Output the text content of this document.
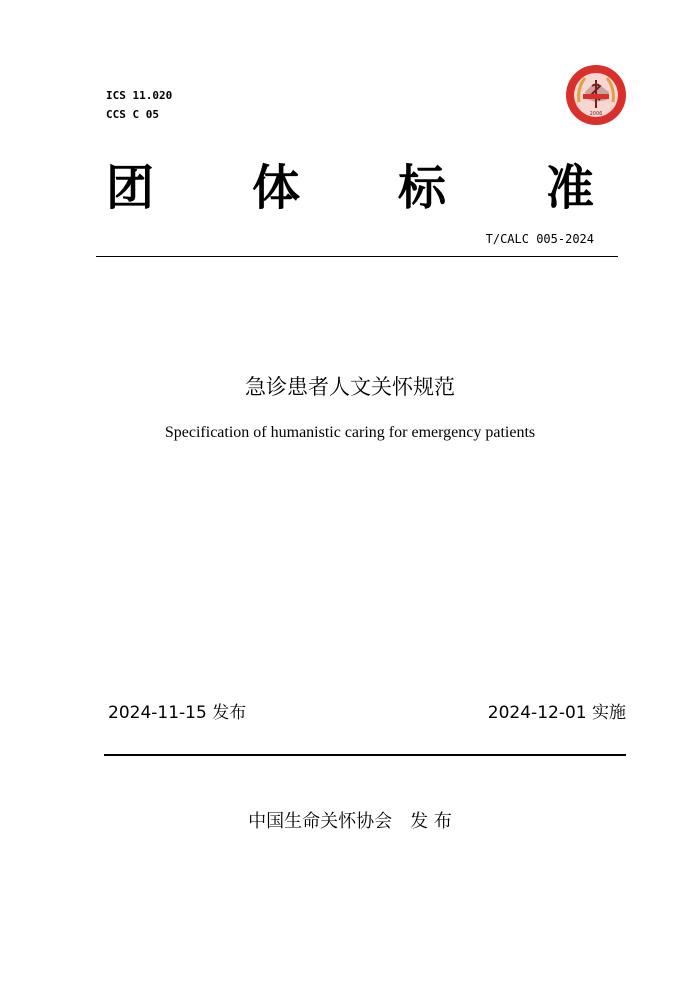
ICS 11.020
CCS C 05	2006
团 体 标 准
T/CALC 005-2024
急诊患者人文关怀规范
Specification of humanistic caring for emergency patients
2024-11-15 发布	2024-12-01 实施
中国生命关怀协会　发 布
